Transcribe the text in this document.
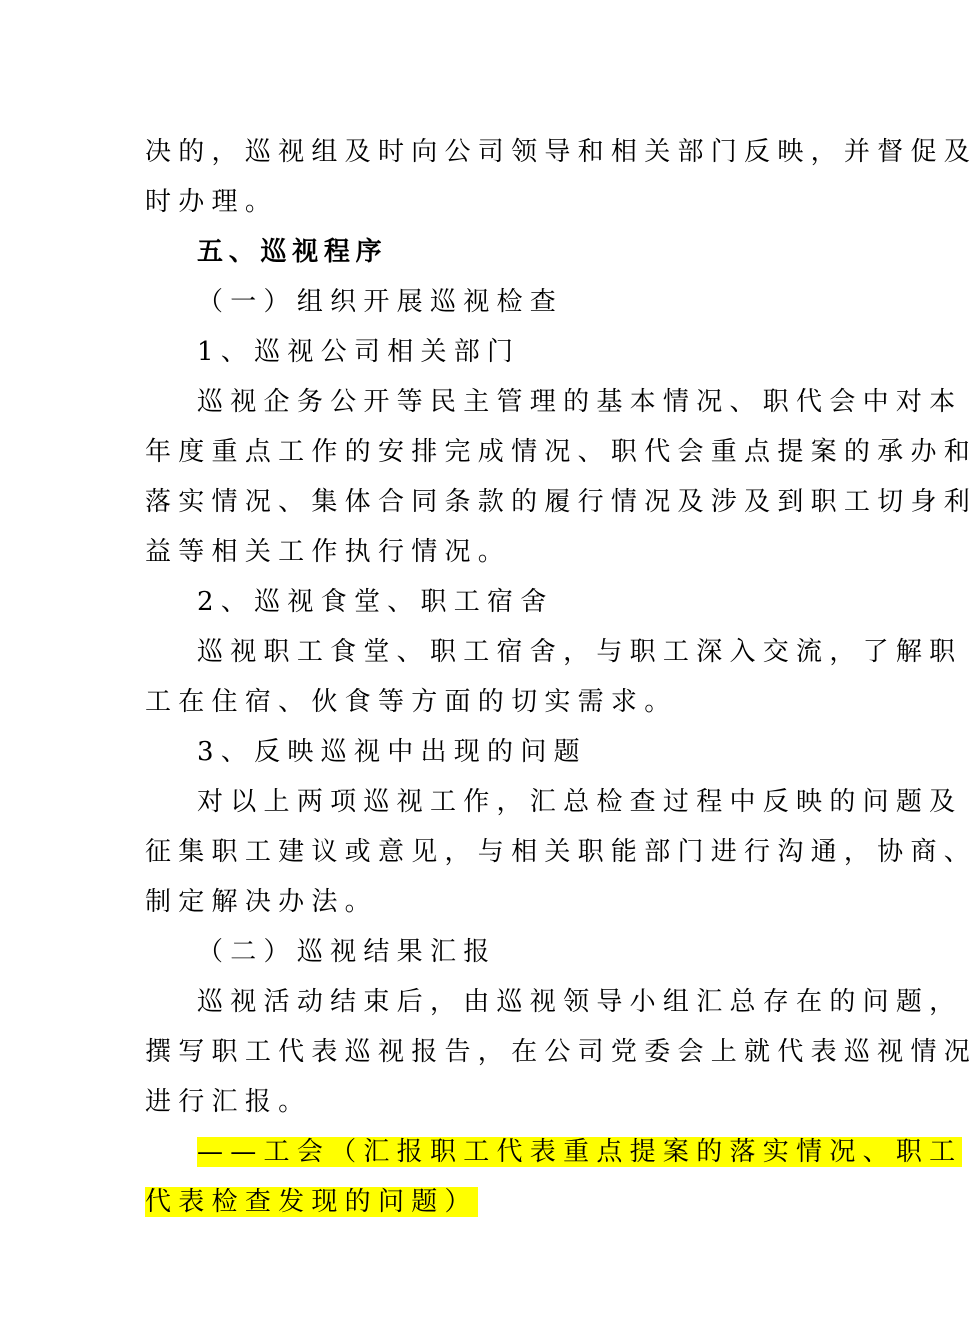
决的，巡视组及时向公司领导和相关部门反映，并督促及
时办理。
五、巡视程序
（一）组织开展巡视检查
1、巡视公司相关部门
巡视企务公开等民主管理的基本情况、职代会中对本
年度重点工作的安排完成情况、职代会重点提案的承办和
落实情况、集体合同条款的履行情况及涉及到职工切身利
益等相关工作执行情况。
2、巡视食堂、职工宿舍
巡视职工食堂、职工宿舍，与职工深入交流，了解职
工在住宿、伙食等方面的切实需求。
3、反映巡视中出现的问题
对以上两项巡视工作，汇总检查过程中反映的问题及
征集职工建议或意见，与相关职能部门进行沟通，协商、
制定解决办法。
（二）巡视结果汇报
巡视活动结束后，由巡视领导小组汇总存在的问题，
撰写职工代表巡视报告，在公司党委会上就代表巡视情况
进行汇报。
——工会（汇报职工代表重点提案的落实情况、职工
代表检查发现的问题）
